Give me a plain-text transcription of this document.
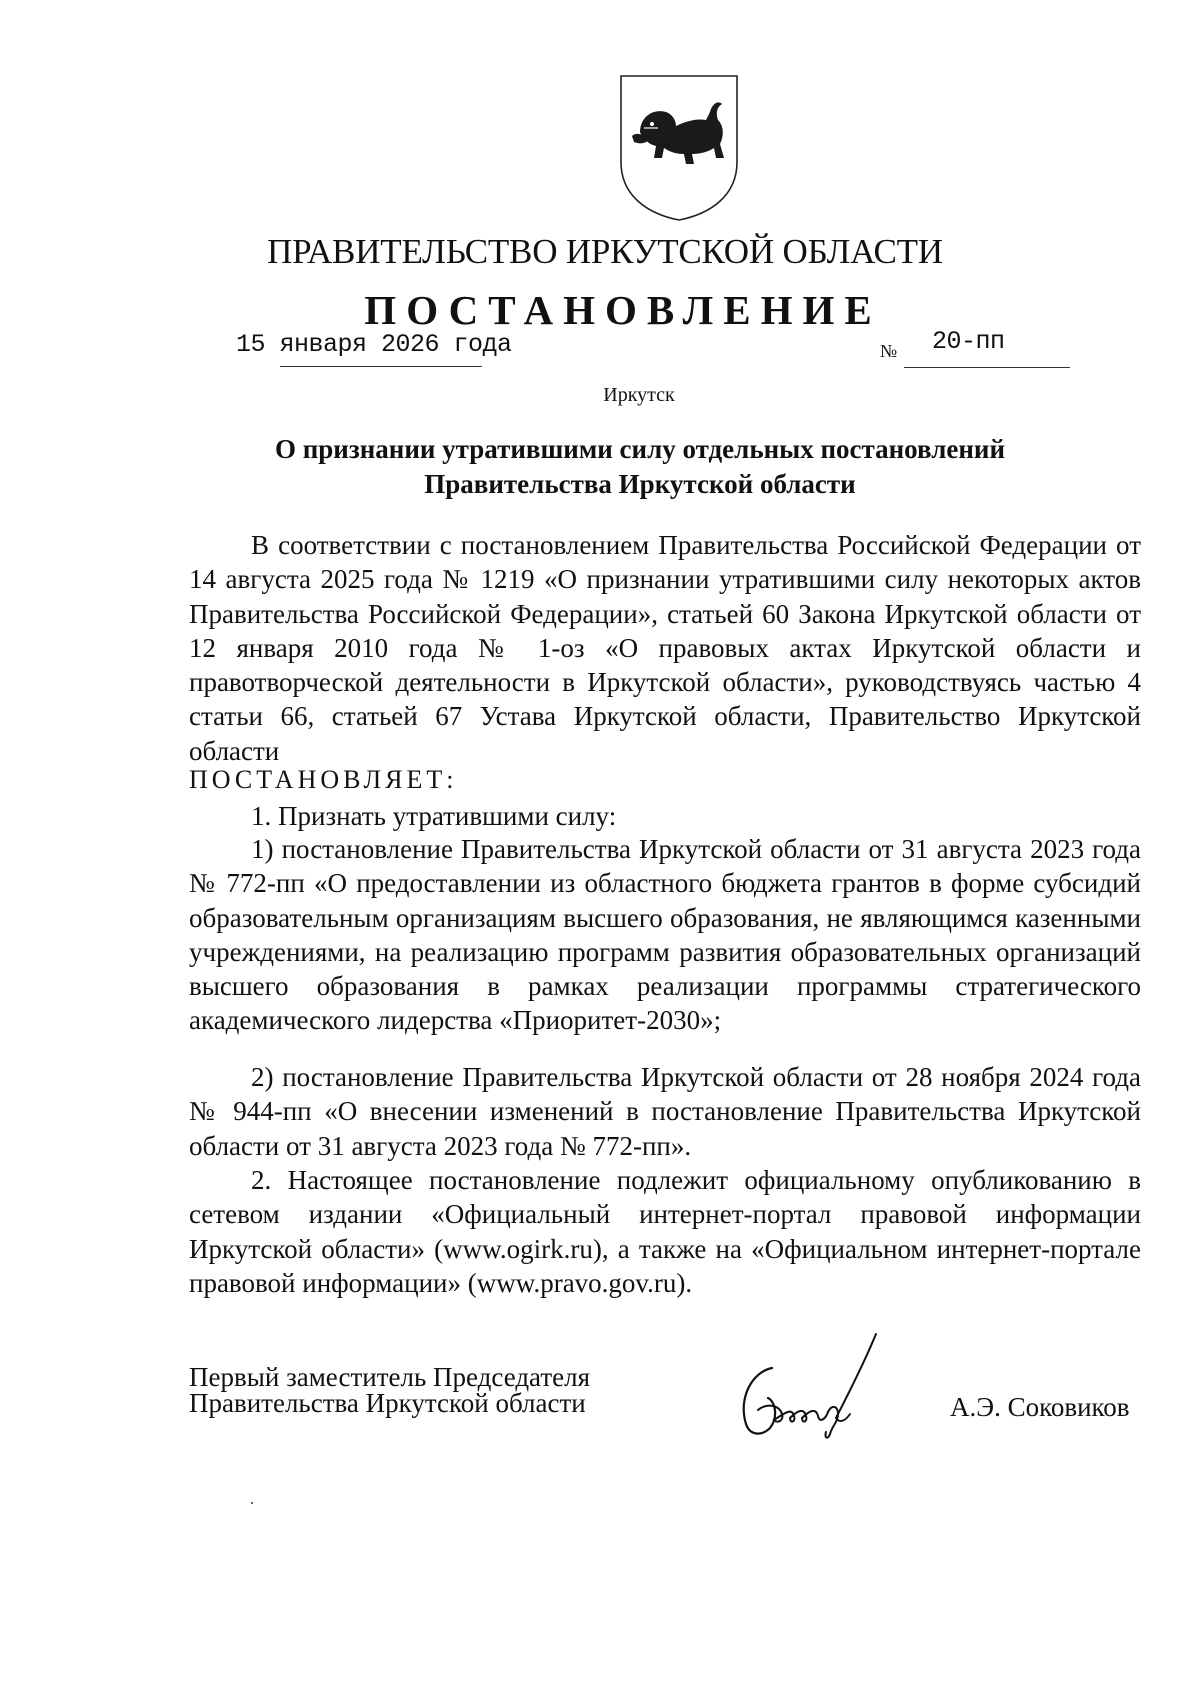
ПРАВИТЕЛЬСТВО ИРКУТСКОЙ ОБЛАСТИ
ПОСТАНОВЛЕНИЕ
15 января 2026 года	№ 20-пп
Иркутск
О признании утратившими силу отдельных постановлений
Правительства Иркутской области
В соответствии с постановлением Правительства Российской Федерации от 14 августа 2025 года № 1219 «О признании утратившими силу некоторых актов Правительства Российской Федерации», статьей 60 Закона Иркутской области от 12 января 2010 года № 1-оз «О правовых актах Иркутской области и правотворческой деятельности в Иркутской области», руководствуясь частью 4 статьи 66, статьей 67 Устава Иркутской области, Правительство Иркутской области
ПОСТАНОВЛЯЕТ:
1. Признать утратившими силу:
1) постановление Правительства Иркутской области от 31 августа 2023 года № 772-пп «О предоставлении из областного бюджета грантов в форме субсидий образовательным организациям высшего образования, не являющимся казенными учреждениями, на реализацию программ развития образовательных организаций высшего образования в рамках реализации программы стратегического академического лидерства «Приоритет-2030»;
2) постановление Правительства Иркутской области от 28 ноября 2024 года № 944-пп «О внесении изменений в постановление Правительства Иркутской области от 31 августа 2023 года № 772-пп».
2. Настоящее постановление подлежит официальному опубликованию в сетевом издании «Официальный интернет-портал правовой информации Иркутской области» (www.ogirk.ru), а также на «Официальном интернет-портале правовой информации» (www.pravo.gov.ru).
Первый заместитель Председателя
Правительства Иркутской области	А.Э. Соковиков
